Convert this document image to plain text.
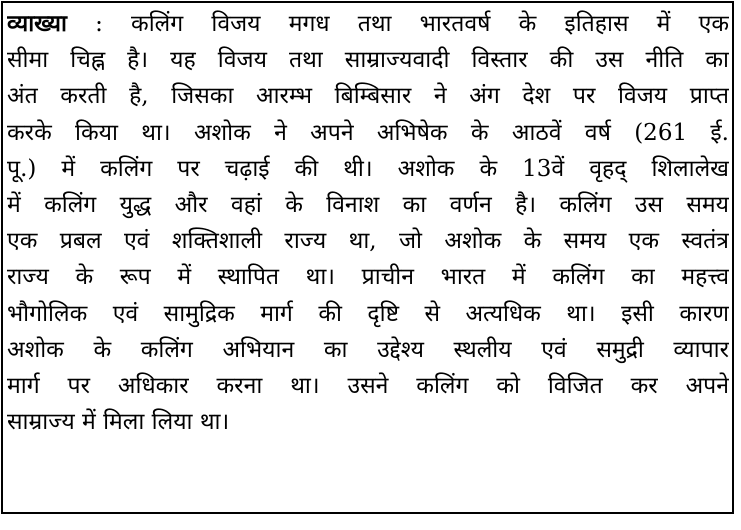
व्याख्या : कलिंग विजय मगध तथा भारतवर्ष के इतिहास में एक
सीमा चिह्न है। यह विजय तथा साम्राज्यवादी विस्तार की उस नीति का
अंत करती है, जिसका आरम्भ बिम्बिसार ने अंग देश पर विजय प्राप्त
करके किया था। अशोक ने अपने अभिषेक के आठवें वर्ष (261 ई.
पू.) में कलिंग पर चढ़ाई की थी। अशोक के 13वें वृहद् शिलालेख
में कलिंग युद्ध और वहां के विनाश का वर्णन है। कलिंग उस समय
एक प्रबल एवं शक्तिशाली राज्य था, जो अशोक के समय एक स्वतंत्र
राज्य के रूप में स्थापित था। प्राचीन भारत में कलिंग का महत्त्व
भौगोलिक एवं सामुद्रिक मार्ग की दृष्टि से अत्यधिक था। इसी कारण
अशोक के कलिंग अभियान का उद्देश्य स्थलीय एवं समुद्री व्यापार
मार्ग पर अधिकार करना था। उसने कलिंग को विजित कर अपने
साम्राज्य में मिला लिया था।
